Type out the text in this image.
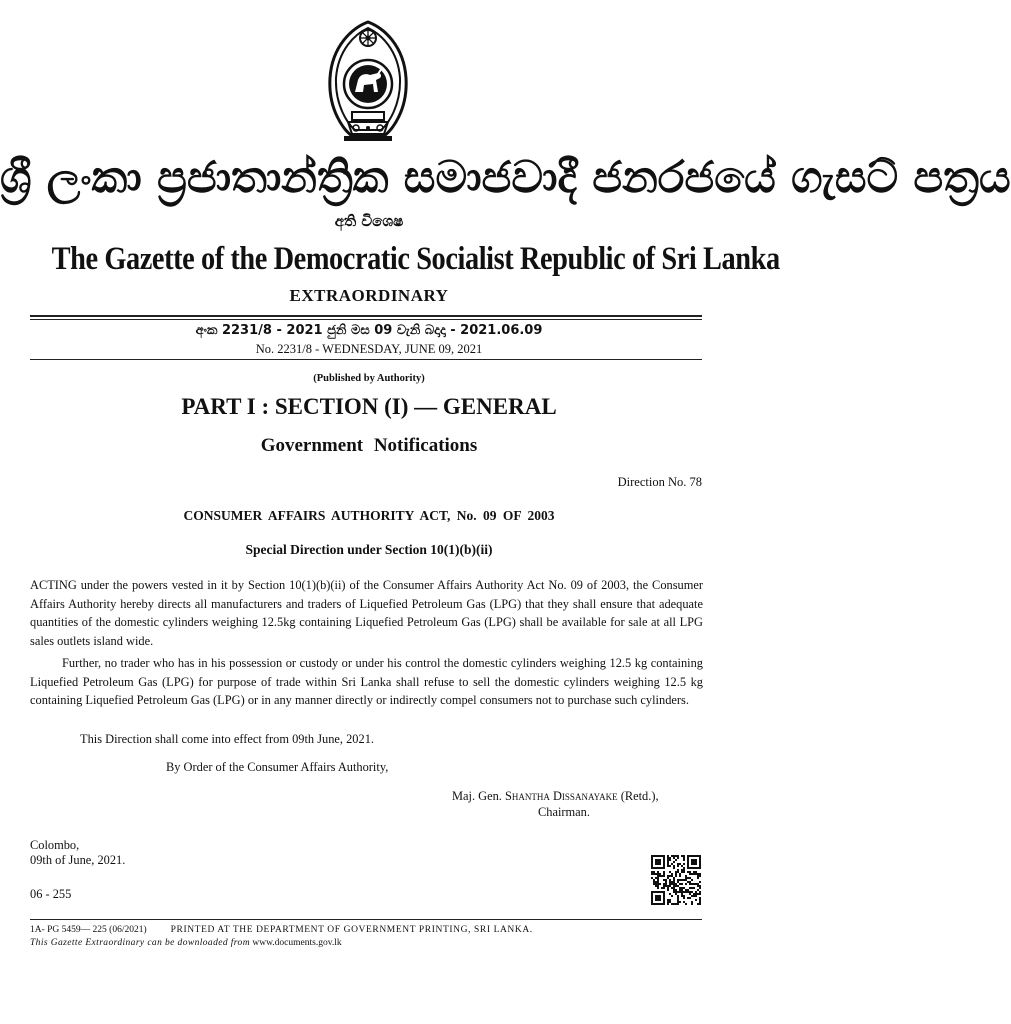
ශ්‍රී ලංකා ප්‍රජාතාන්ත්‍රික සමාජවාදී ජනරජයේ ගැසට් පත්‍රය
අති විශෙෂ
The Gazette of the Democratic Socialist Republic of Sri Lanka
EXTRAORDINARY
අංක 2231/8 - 2021 ජුනි මස 09 වැනි බදාදා - 2021.06.09
No. 2231/8 - WEDNESDAY, JUNE 09, 2021
(Published by Authority)
PART I : SECTION (I) — GENERAL
Government Notifications
Direction No. 78
CONSUMER AFFAIRS AUTHORITY ACT, No. 09 OF 2003
Special Direction under Section 10(1)(b)(ii)

ACTING under the powers vested in it by Section 10(1)(b)(ii) of the Consumer Affairs Authority Act No. 09 of 2003, the Consumer Affairs Authority hereby directs all manufacturers and traders of Liquefied Petroleum Gas (LPG) that they shall ensure that adequate quantities of the domestic cylinders weighing 12.5kg containing Liquefied Petroleum Gas (LPG) shall be available for sale at all LPG sales outlets island wide.

Further, no trader who has in his possession or custody or under his control the domestic cylinders weighing 12.5 kg containing Liquefied Petroleum Gas (LPG) for purpose of trade within Sri Lanka shall refuse to sell the domestic cylinders weighing 12.5 kg containing Liquefied Petroleum Gas (LPG) or in any manner directly or indirectly compel consumers not to purchase such cylinders.

This Direction shall come into effect from 09th June, 2021.
By Order of the Consumer Affairs Authority,
Maj. Gen. Shantha Dissanayake (Retd.),
Chairman.
Colombo,
09th of June, 2021.
06 - 255
1A- PG 5459— 225 (06/2021)	PRINTED AT THE DEPARTMENT OF GOVERNMENT PRINTING, SRI LANKA.
This Gazette Extraordinary can be downloaded from www.documents.gov.lk
